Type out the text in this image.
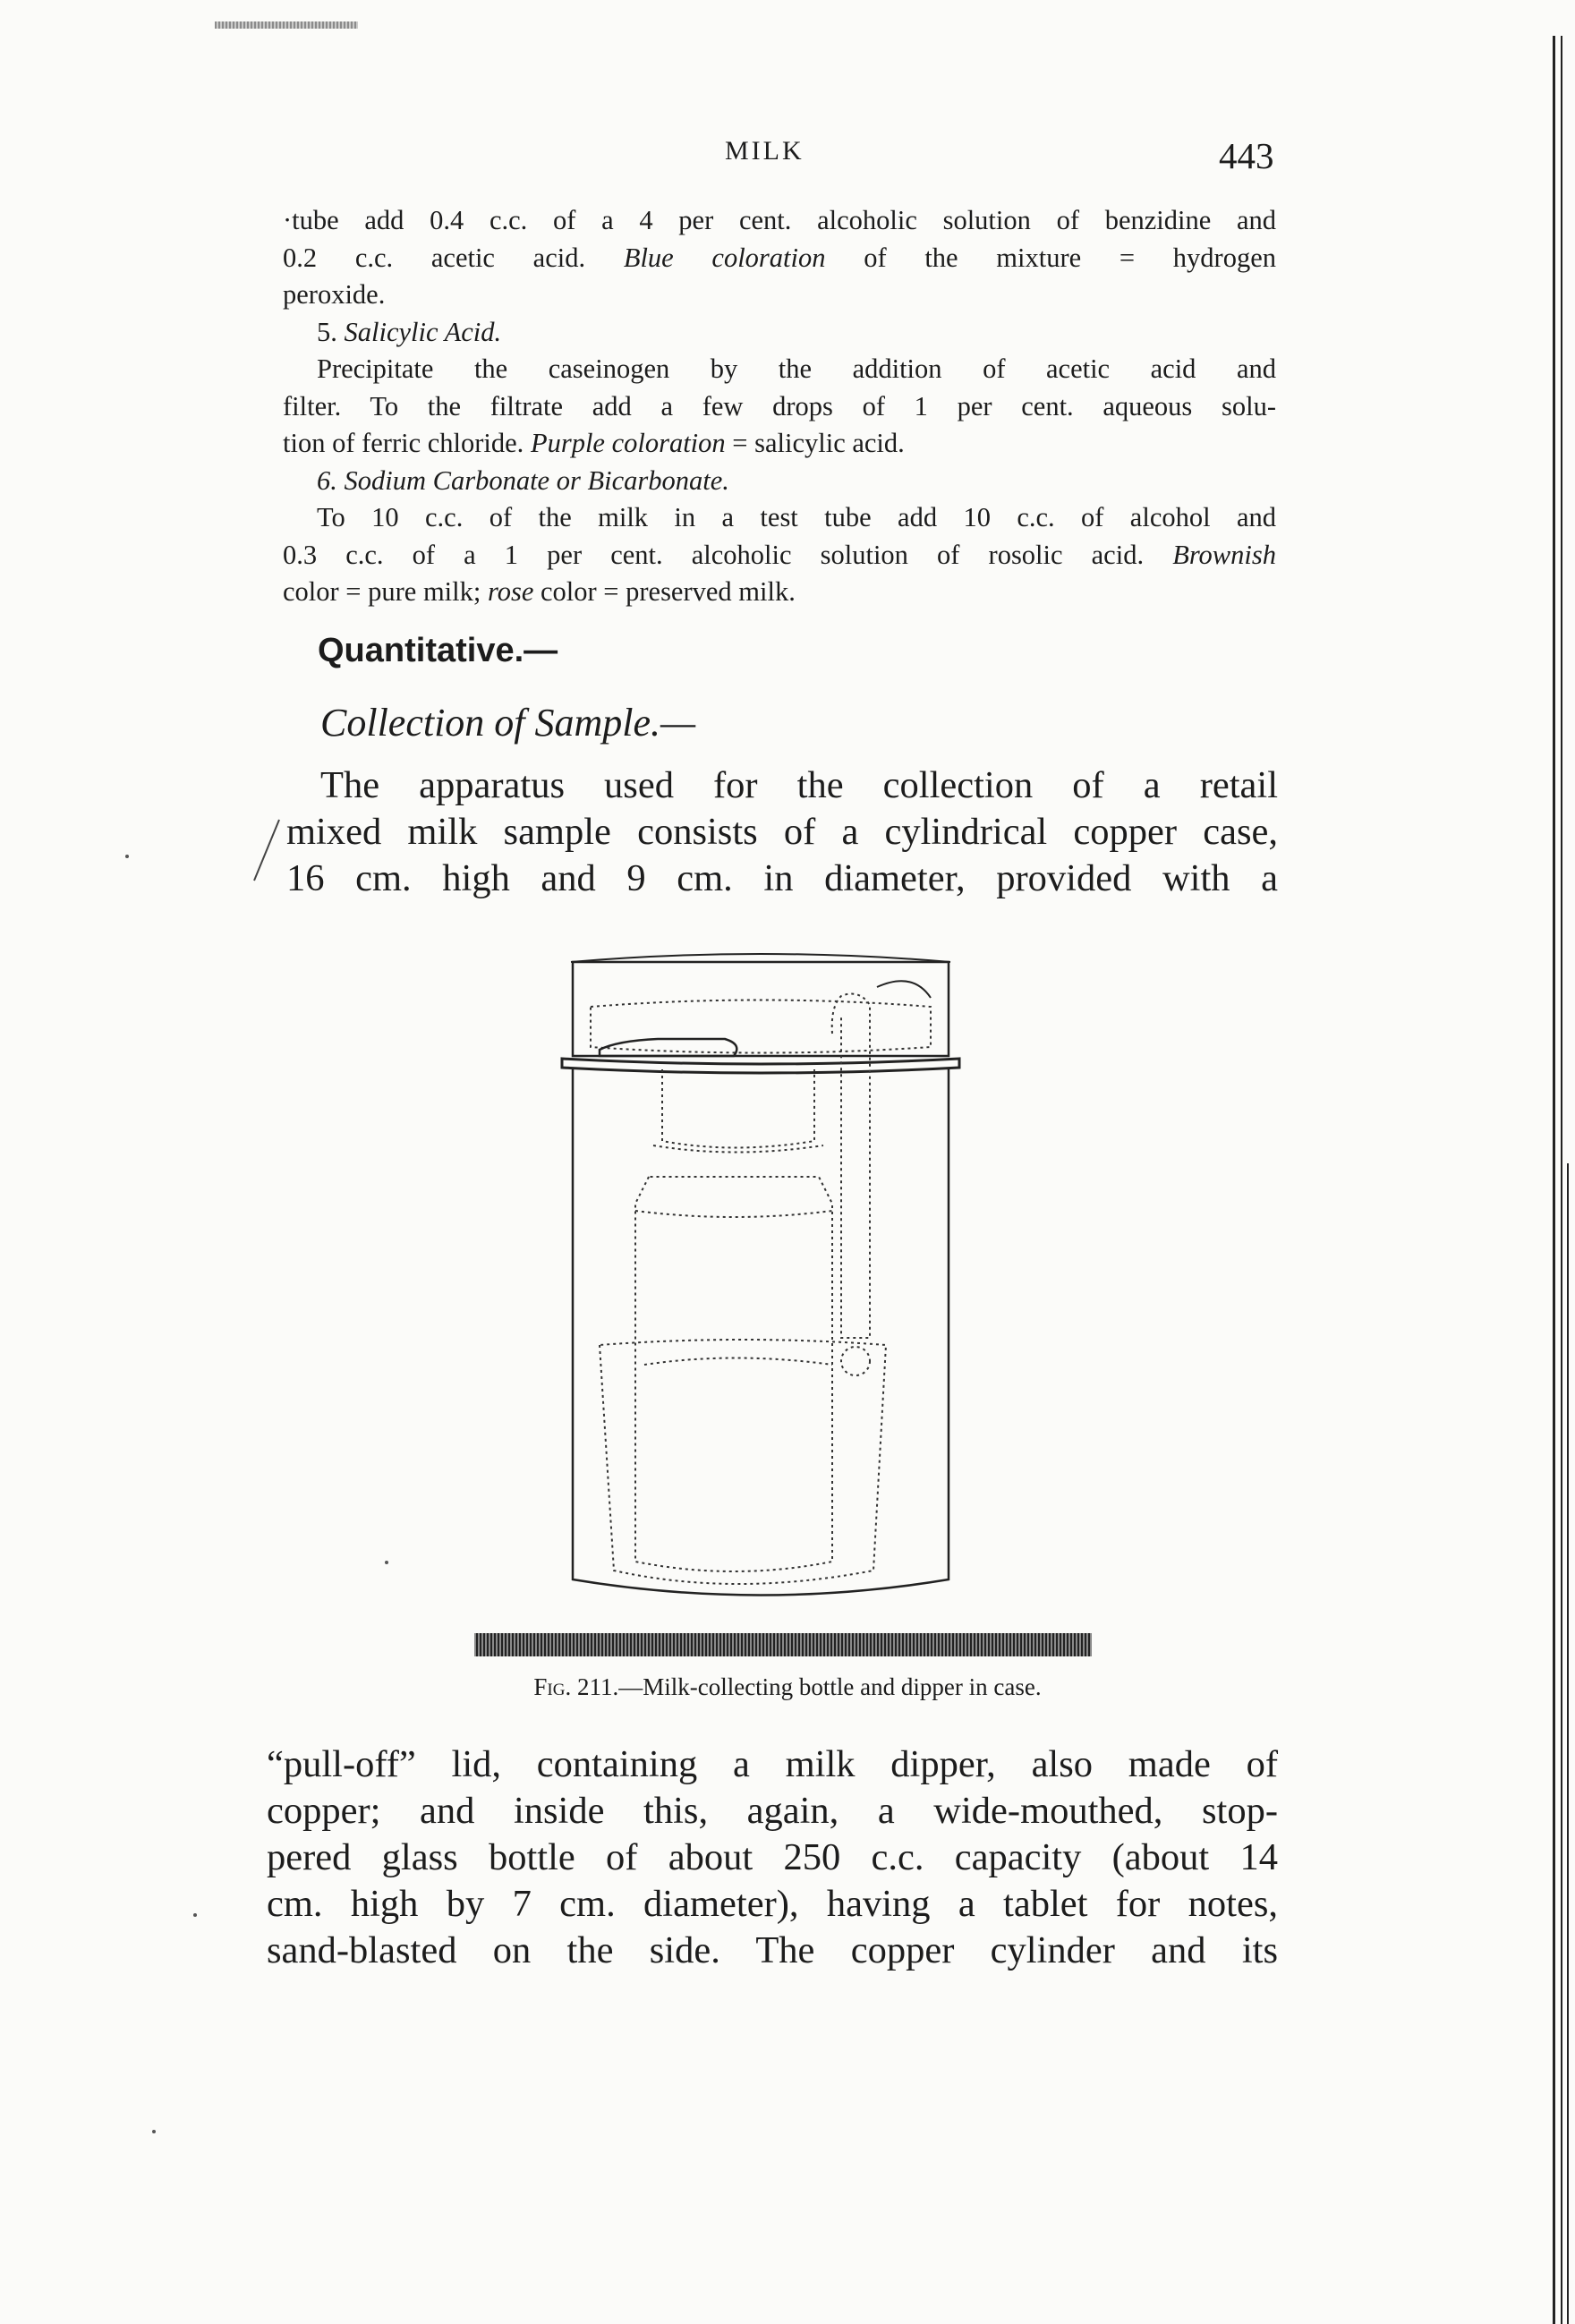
MILK	443

·tube add 0.4 c.c. of a 4 per cent. alcoholic solution of benzidine and

0.2 c.c. acetic acid. Blue coloration of the mixture = hydrogen

peroxide.

5. Salicylic Acid.

Precipitate the caseinogen by the addition of acetic acid and

filter. To the filtrate add a few drops of 1 per cent. aqueous solu-

tion of ferric chloride. Purple coloration = salicylic acid.

6. Sodium Carbonate or Bicarbonate.

To 10 c.c. of the milk in a test tube add 10 c.c. of alcohol and

0.3 c.c. of a 1 per cent. alcoholic solution of rosolic acid. Brownish

color = pure milk; rose color = preserved milk.

Quantitative.—
Collection of Sample.—

The apparatus used for the collection of a retail

mixed milk sample consists of a cylindrical copper case,

16 cm. high and 9 cm. in diameter, provided with a

Fig. 211.—Milk-collecting bottle and dipper in case.

“pull-off” lid, containing a milk dipper, also made of

copper; and inside this, again, a wide-mouthed, stop-

pered glass bottle of about 250 c.c. capacity (about 14

cm. high by 7 cm. diameter), having a tablet for notes,

sand-blasted on the side. The copper cylinder and its
